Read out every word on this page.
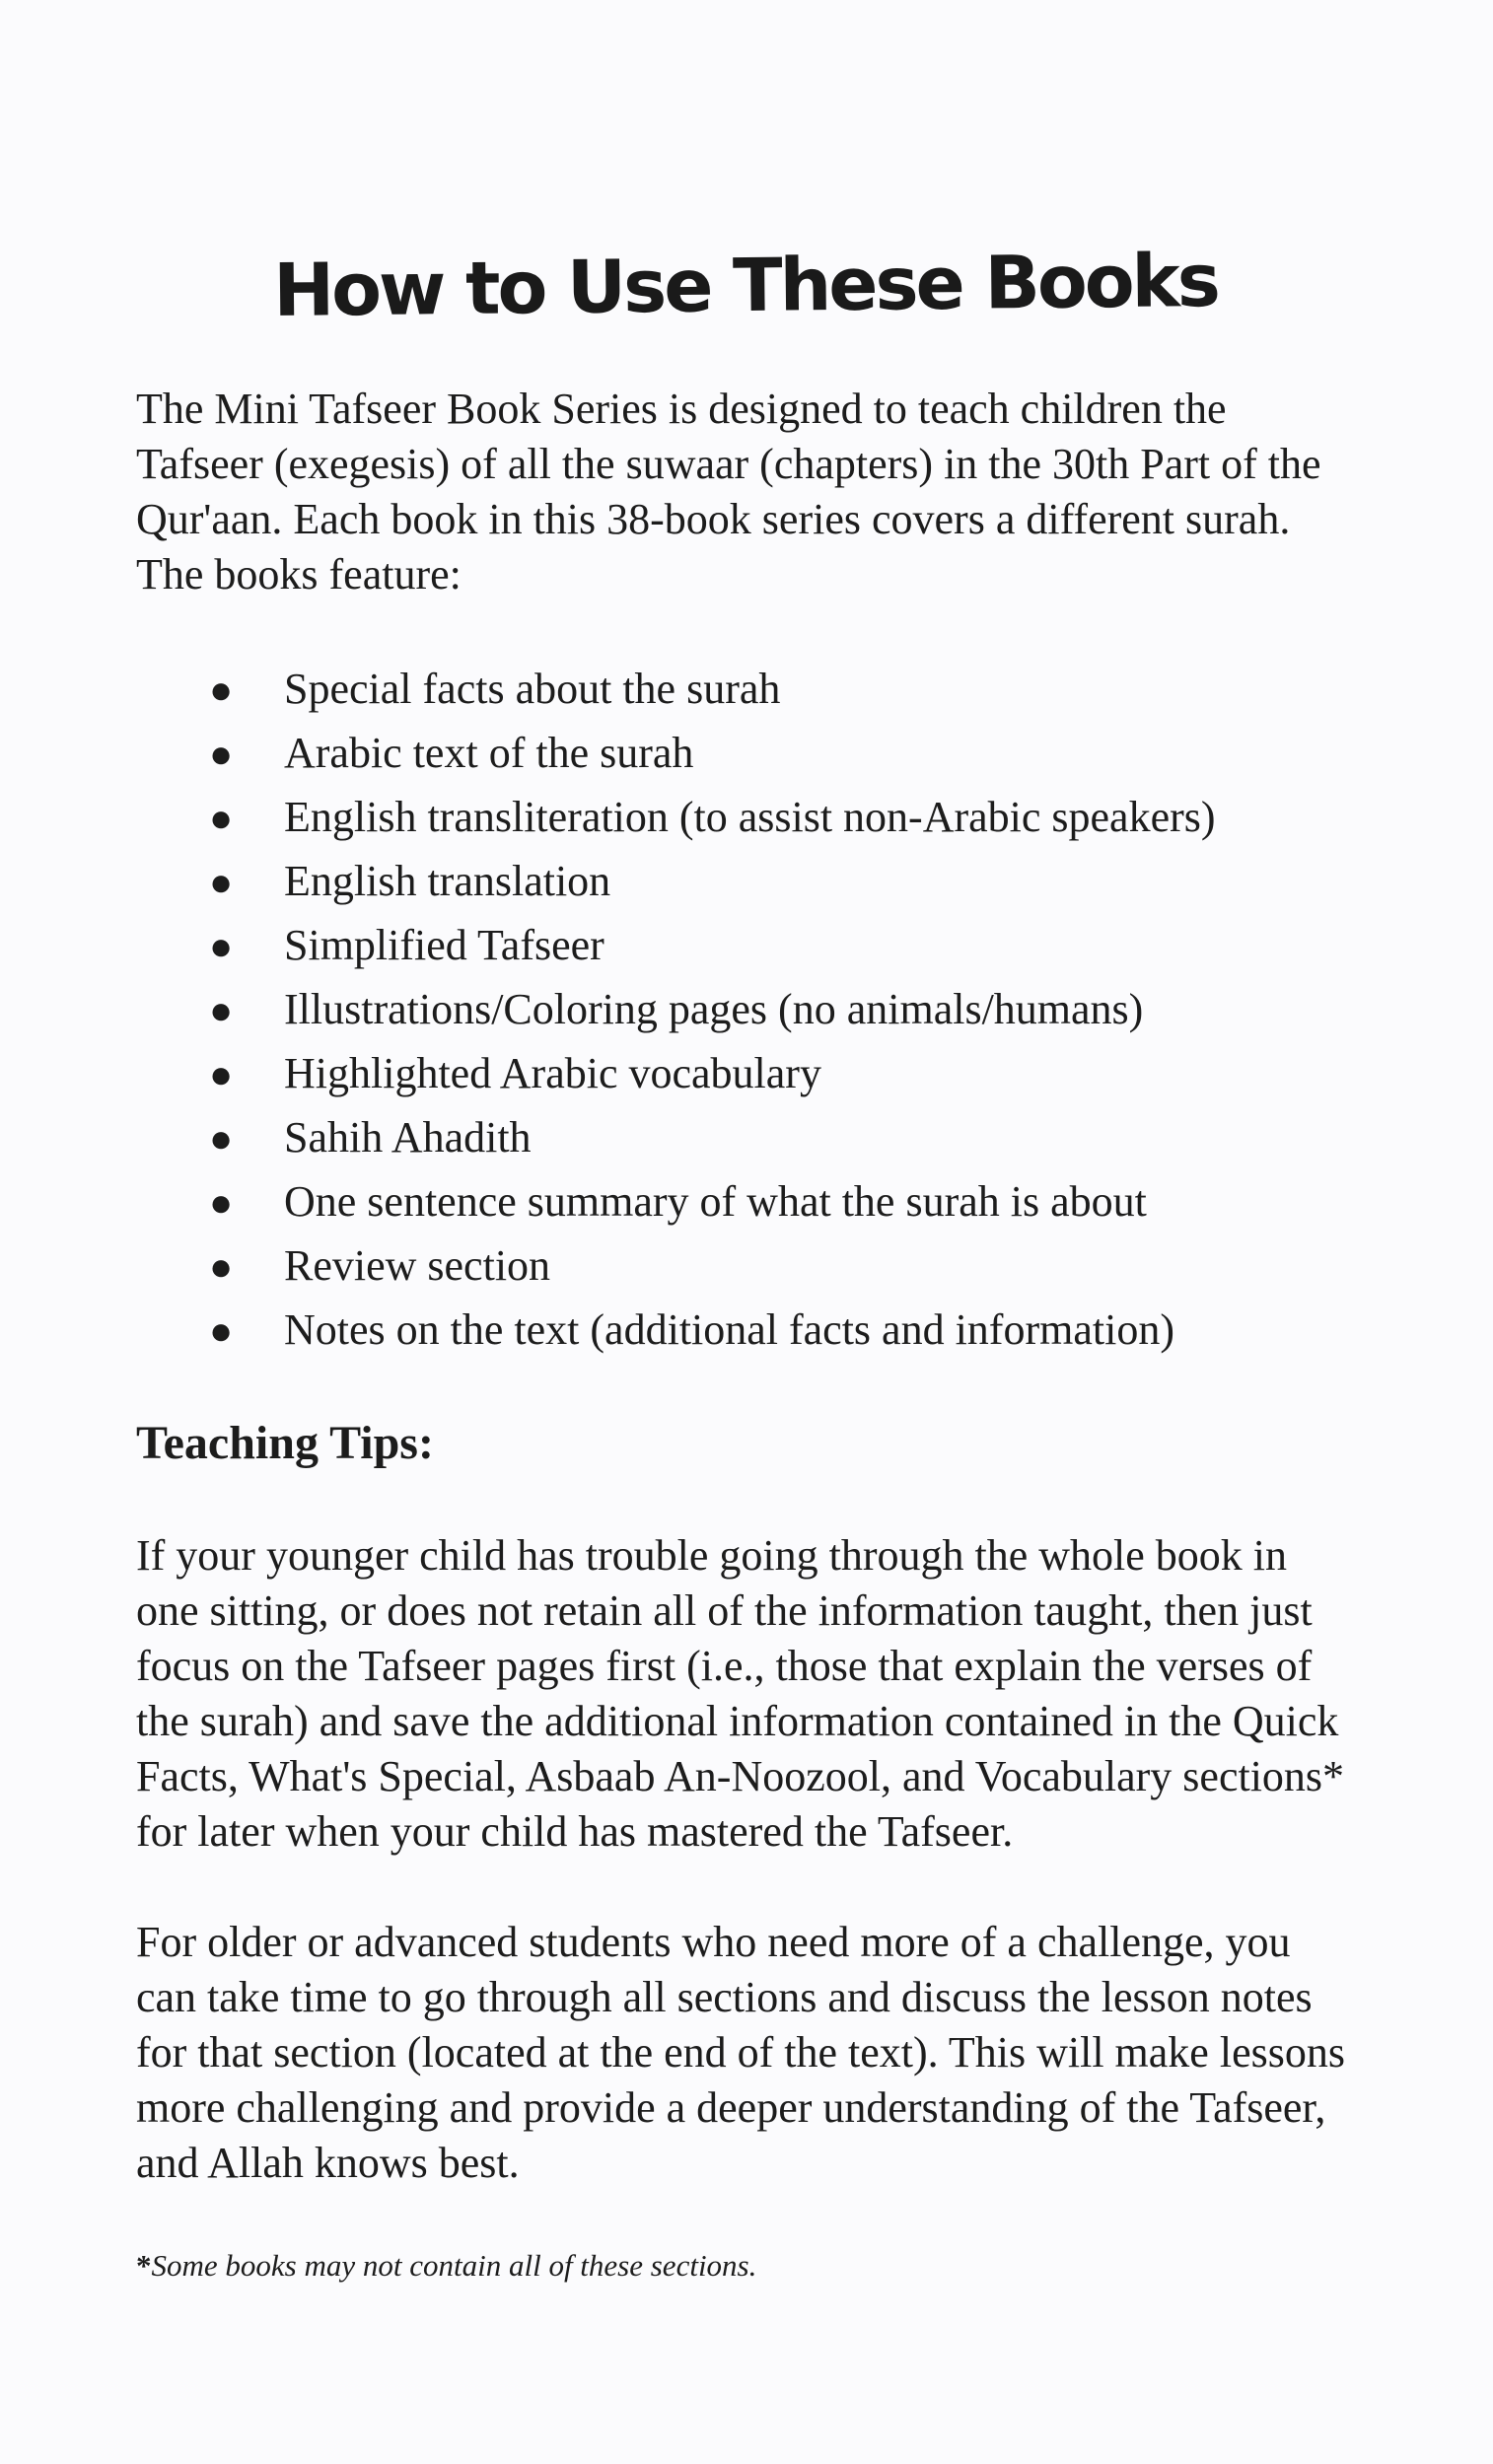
How to Use These Books

The Mini Tafseer Book Series is designed to teach children the Tafseer (exegesis) of all the suwaar (chapters) in the 30th Part of the Qur'aan. Each book in this 38-book series covers a different surah. The books feature:

●	Special facts about the surah
●	Arabic text of the surah
●	English transliteration (to assist non-Arabic speakers)
●	English translation
●	Simplified Tafseer
●	Illustrations/Coloring pages (no animals/humans)
●	Highlighted Arabic vocabulary
●	Sahih Ahadith
●	One sentence summary of what the surah is about
●	Review section
●	Notes on the text (additional facts and information)
Teaching Tips:

If your younger child has trouble going through the whole book in one sitting, or does not retain all of the information taught, then just focus on the Tafseer pages first (i.e., those that explain the verses of the surah) and save the additional information contained in the Quick Facts, What's Special, Asbaab An-Noozool, and Vocabulary sections* for later when your child has mastered the Tafseer.

For older or advanced students who need more of a challenge, you can take time to go through all sections and discuss the lesson notes for that section (located at the end of the text). This will make lessons more challenging and provide a deeper understanding of the Tafseer, and Allah knows best.

*Some books may not contain all of these sections.
